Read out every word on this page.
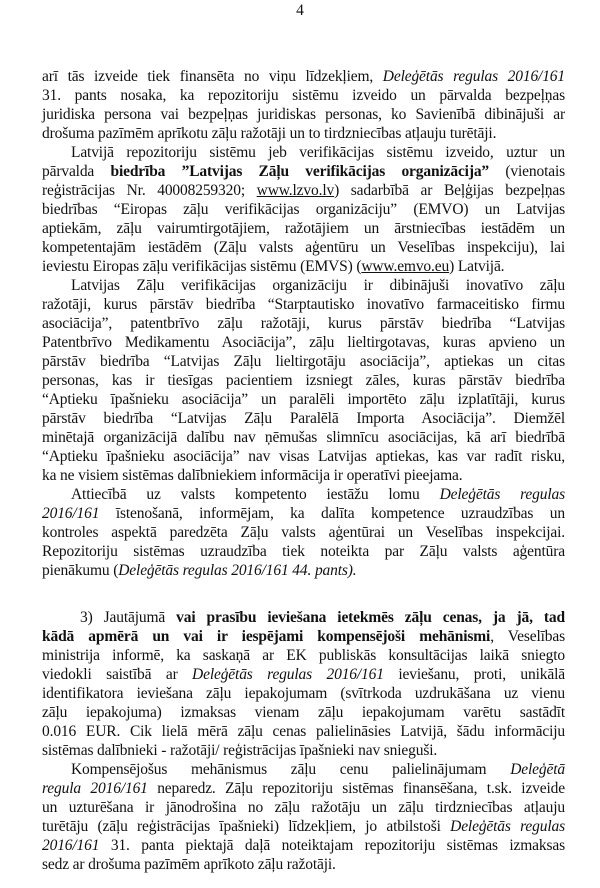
4
arī tās izveide tiek finansēta no viņu līdzekļiem, Deleģētās regulas 2016/161
31. pants nosaka, ka repozitoriju sistēmu izveido un pārvalda bezpeļņas
juridiska persona vai bezpeļņas juridiskas personas, ko Savienībā dibinājuši ar
drošuma pazīmēm aprīkotu zāļu ražotāji un to tirdzniecības atļauju turētāji.
Latvijā repozitoriju sistēmu jeb verifikācijas sistēmu izveido, uztur un
pārvalda biedrība ”Latvijas Zāļu verifikācijas organizācija” (vienotais
reģistrācijas Nr. 40008259320; www.lzvo.lv) sadarbībā ar Beļģijas bezpeļņas
biedrības “Eiropas zāļu verifikācijas organizāciju” (EMVO) un Latvijas
aptiekām, zāļu vairumtirgotājiem, ražotājiem un ārstniecības iestādēm un
kompetentajām iestādēm (Zāļu valsts aģentūru un Veselības inspekciju), lai
ieviestu Eiropas zāļu verifikācijas sistēmu (EMVS) (www.emvo.eu) Latvijā.
Latvijas Zāļu verifikācijas organizāciju ir dibinājuši inovatīvo zāļu
ražotāji, kurus pārstāv biedrība “Starptautisko inovatīvo farmaceitisko firmu
asociācija”, patentbrīvo zāļu ražotāji, kurus pārstāv biedrība “Latvijas
Patentbrīvo Medikamentu Asociācija”, zāļu lieltirgotavas, kuras apvieno un
pārstāv biedrība “Latvijas Zāļu lieltirgotāju asociācija”, aptiekas un citas
personas, kas ir tiesīgas pacientiem izsniegt zāles, kuras pārstāv biedrība
“Aptieku īpašnieku asociācija” un paralēli importēto zāļu izplatītāji, kurus
pārstāv biedrība “Latvijas Zāļu Paralēlā Importa Asociācija”. Diemžēl
minētajā organizācijā dalību nav ņēmušas slimnīcu asociācijas, kā arī biedrībā
“Aptieku īpašnieku asociācija” nav visas Latvijas aptiekas, kas var radīt risku,
ka ne visiem sistēmas dalībniekiem informācija ir operatīvi pieejama.
Attiecībā uz valsts kompetento iestāžu lomu Deleģētās regulas
2016/161 īstenošanā, informējam, ka dalīta kompetence uzraudzības un
kontroles aspektā paredzēta Zāļu valsts aģentūrai un Veselības inspekcijai.
Repozitoriju sistēmas uzraudzība tiek noteikta par Zāļu valsts aģentūra
pienākumu (Deleģētās regulas 2016/161 44. pants).
3) Jautājumā vai prasību ieviešana ietekmēs zāļu cenas, ja jā, tad
kādā apmērā un vai ir iespējami kompensējoši mehānismi, Veselības
ministrija informē, ka saskaņā ar EK publiskās konsultācijas laikā sniegto
viedokli saistībā ar Deleģētās regulas 2016/161 ieviešanu, proti, unikālā
identifikatora ieviešana zāļu iepakojumam (svītrkoda uzdrukāšana uz vienu
zāļu iepakojuma) izmaksas vienam zāļu iepakojumam varētu sastādīt
0.016 EUR. Cik lielā mērā zāļu cenas palielināsies Latvijā, šādu informāciju
sistēmas dalībnieki - ražotāji/ reģistrācijas īpašnieki nav snieguši.
Kompensējošus mehānismus zāļu cenu palielinājumam Deleģētā
regula 2016/161 neparedz. Zāļu repozitoriju sistēmas finansēšana, t.sk. izveide
un uzturēšana ir jānodrošina no zāļu ražotāju un zāļu tirdzniecības atļauju
turētāju (zāļu reģistrācijas īpašnieki) līdzekļiem, jo atbilstoši Deleģētās regulas
2016/161 31. panta piektajā daļā noteiktajam repozitoriju sistēmas izmaksas
sedz ar drošuma pazīmēm aprīkoto zāļu ražotāji.
